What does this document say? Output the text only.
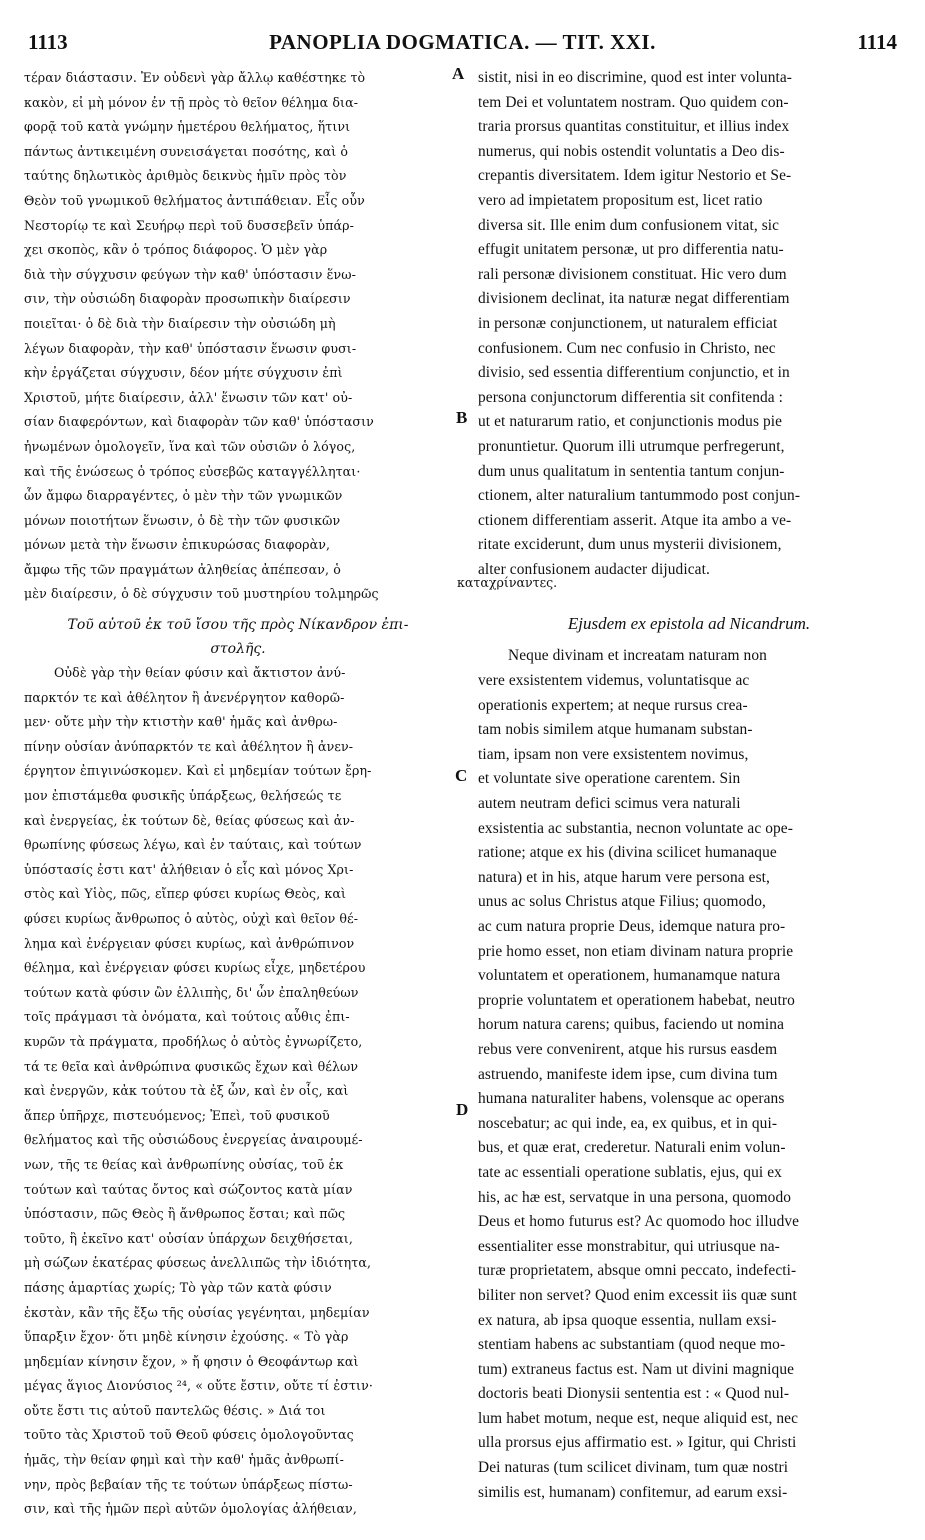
1113	PANOPLIA DOGMATICA. — TIT. XXI.	1114
τέραν διάστασιν. Ἐν οὐδενὶ γὰρ ἄλλῳ καθέστηκε τὸ
κακὸν, εἰ μὴ μόνον ἐν τῇ πρὸς τὸ θεῖον θέλημα δια-
φορᾷ τοῦ κατὰ γνώμην ἡμετέρου θελήματος, ἥτινι
πάντως ἀντικειμένη συνεισάγεται ποσότης, καὶ ὁ
ταύτης δηλωτικὸς ἀριθμὸς δεικνὺς ἡμῖν πρὸς τὸν
Θεὸν τοῦ γνωμικοῦ θελήματος ἀντιπάθειαν. Εἷς οὖν
Νεστορίῳ τε καὶ Σευήρῳ περὶ τοῦ δυσσεβεῖν ὑπάρ-
χει σκοπὸς, κἂν ὁ τρόπος διάφορος. Ὁ μὲν γὰρ
διὰ τὴν σύγχυσιν φεύγων τὴν καθ' ὑπόστασιν ἕνω-
σιν, τὴν οὐσιώδη διαφορὰν προσωπικὴν διαίρεσιν
ποιεῖται· ὁ δὲ διὰ τὴν διαίρεσιν τὴν οὐσιώδη μὴ
λέγων διαφορὰν, τὴν καθ' ὑπόστασιν ἕνωσιν φυσι-
κὴν ἐργάζεται σύγχυσιν, δέον μήτε σύγχυσιν ἐπὶ
Χριστοῦ, μήτε διαίρεσιν, ἀλλ' ἕνωσιν τῶν κατ' οὐ-
σίαν διαφερόντων, καὶ διαφορὰν τῶν καθ' ὑπόστασιν
ἡνωμένων ὁμολογεῖν, ἵνα καὶ τῶν οὐσιῶν ὁ λόγος,
καὶ τῆς ἑνώσεως ὁ τρόπος εὐσεβῶς καταγγέλληται·
ὧν ἄμφω διαρραγέντες, ὁ μὲν τὴν τῶν γνωμικῶν
μόνων ποιοτήτων ἕνωσιν, ὁ δὲ τὴν τῶν φυσικῶν
μόνων μετὰ τὴν ἕνωσιν ἐπικυρώσας διαφορὰν,
ἄμφω τῆς τῶν πραγμάτων ἀληθείας ἀπέπεσαν, ὁ
μὲν διαίρεσιν, ὁ δὲ σύγχυσιν τοῦ μυστηρίου τολμηρῶς
Τοῦ αὐτοῦ ἐκ τοῦ ἴσου τῆς πρὸς Νίκανδρον ἐπι-
στολῆς.
Οὐδὲ γὰρ τὴν θείαν φύσιν καὶ ἄκτιστον ἀνύ-
παρκτόν τε καὶ ἀθέλητον ἢ ἀνενέργητον καθορῶ-
μεν· οὔτε μὴν τὴν κτιστὴν καθ' ἡμᾶς καὶ ἀνθρω-
πίνην οὐσίαν ἀνύπαρκτόν τε καὶ ἀθέλητον ἢ ἀνεν-
έργητον ἐπιγινώσκομεν. Καὶ εἰ μηδεμίαν τούτων ἔρη-
μον ἐπιστάμεθα φυσικῆς ὑπάρξεως, θελήσεώς τε
καὶ ἐνεργείας, ἐκ τούτων δὲ, θείας φύσεως καὶ ἀν-
θρωπίνης φύσεως λέγω, καὶ ἐν ταύταις, καὶ τούτων
ὑπόστασίς ἐστι κατ' ἀλήθειαν ὁ εἷς καὶ μόνος Χρι-
στὸς καὶ Υἱὸς, πῶς, εἴπερ φύσει κυρίως Θεὸς, καὶ
φύσει κυρίως ἄνθρωπος ὁ αὐτὸς, οὐχὶ καὶ θεῖον θέ-
λημα καὶ ἐνέργειαν φύσει κυρίως, καὶ ἀνθρώπινον
θέλημα, καὶ ἐνέργειαν φύσει κυρίως εἶχε, μηδετέρου
τούτων κατὰ φύσιν ὢν ἐλλιπὴς, δι' ὧν ἐπαληθεύων
τοῖς πράγμασι τὰ ὀνόματα, καὶ τούτοις αὖθις ἐπι-
κυρῶν τὰ πράγματα, προδήλως ὁ αὐτὸς ἐγνωρίζετο,
τά τε θεῖα καὶ ἀνθρώπινα φυσικῶς ἔχων καὶ θέλων
καὶ ἐνεργῶν, κἀκ τούτου τὰ ἐξ ὧν, καὶ ἐν οἷς, καὶ
ἅπερ ὑπῆρχε, πιστευόμενος; Ἐπεὶ, τοῦ φυσικοῦ
θελήματος καὶ τῆς οὐσιώδους ἐνεργείας ἀναιρουμέ-
νων, τῆς τε θείας καὶ ἀνθρωπίνης οὐσίας, τοῦ ἐκ
τούτων καὶ ταύτας ὄντος καὶ σώζοντος κατὰ μίαν
ὑπόστασιν, πῶς Θεὸς ἢ ἄνθρωπος ἔσται; καὶ πῶς
τοῦτο, ἢ ἐκεῖνο κατ' οὐσίαν ὑπάρχων δειχθήσεται,
μὴ σώζων ἑκατέρας φύσεως ἀνελλιπῶς τὴν ἰδιότητα,
πάσης ἁμαρτίας χωρίς; Τὸ γὰρ τῶν κατὰ φύσιν
ἐκστὰν, κἂν τῆς ἔξω τῆς οὐσίας γεγένηται, μηδεμίαν
ὕπαρξιν ἔχον· ὅτι μηδὲ κίνησιν ἐχούσης. « Τὸ γὰρ
μηδεμίαν κίνησιν ἔχον, » ἤ φησιν ὁ Θεοφάντωρ καὶ
μέγας ἅγιος Διονύσιος ²⁴, « οὔτε ἔστιν, οὔτε τί ἐστιν·
οὔτε ἔστι τις αὐτοῦ παντελῶς θέσις. » Διά τοι
τοῦτο τὰς Χριστοῦ τοῦ Θεοῦ φύσεις ὁμολογοῦντας
ἡμᾶς, τὴν θείαν φημὶ καὶ τὴν καθ' ἡμᾶς ἀνθρωπί-
νην, πρὸς βεβαίαν τῆς τε τούτων ὑπάρξεως πίστω-
σιν, καὶ τῆς ἡμῶν περὶ αὐτῶν ὁμολογίας ἀλήθειαν,
sistit, nisi in eo discrimine, quod est inter volunta-
tem Dei et voluntatem nostram. Quo quidem con-
traria prorsus quantitas constituitur, et illius index
numerus, qui nobis ostendit voluntatis a Deo dis-
crepantis diversitatem. Idem igitur Nestorio et Se-
vero ad impietatem propositum est, licet ratio
diversa sit. Ille enim dum confusionem vitat, sic
effugit unitatem personæ, ut pro differentia natu-
rali personæ divisionem constituat. Hic vero dum
divisionem declinat, ita naturæ negat differentiam
in personæ conjunctionem, ut naturalem efficiat
confusionem. Cum nec confusio in Christo, nec
divisio, sed essentia differentium conjunctio, et in
persona conjunctorum differentia sit confitenda :
ut et naturarum ratio, et conjunctionis modus pie
pronuntietur. Quorum illi utrumque perfregerunt,
dum unus qualitatum in sententia tantum conjun-
ctionem, alter naturalium tantummodo post conjun-
ctionem differentiam asserit. Atque ita ambo a ve-
ritate exciderunt, dum unus mysterii divisionem,
alter confusionem audacter dijudicat.
Ejusdem ex epistola ad Nicandrum.
Neque divinam et increatam naturam non
vere exsistentem videmus, voluntatisque ac
operationis expertem; at neque rursus crea-
tam nobis similem atque humanam substan-
tiam, ipsam non vere exsistentem novimus,
et voluntate sive operatione carentem. Sin
autem neutram defici scimus vera naturali
exsistentia ac substantia, necnon voluntate ac ope-
ratione; atque ex his (divina scilicet humanaque
natura) et in his, atque harum vere persona est,
unus ac solus Christus atque Filius; quomodo,
ac cum natura proprie Deus, idemque natura pro-
prie homo esset, non etiam divinam natura proprie
voluntatem et operationem, humanamque natura
proprie voluntatem et operationem habebat, neutro
horum natura carens; quibus, faciendo ut nomina
rebus vere convenirent, atque his rursus easdem
astruendo, manifeste idem ipse, cum divina tum
humana naturaliter habens, volensque ac operans
noscebatur; ac qui inde, ea, ex quibus, et in qui-
bus, et quæ erat, crederetur. Naturali enim volun-
tate ac essentiali operatione sublatis, ejus, qui ex
his, ac hæ est, servatque in una persona, quomodo
Deus et homo futurus est? Ac quomodo hoc illudve
essentialiter esse monstrabitur, qui utriusque na-
turæ proprietatem, absque omni peccato, indefecti-
biliter non servet? Quod enim excessit iis quæ sunt
ex natura, ab ipsa quoque essentia, nullam exsi-
stentiam habens ac substantiam (quod neque mo-
tum) extraneus factus est. Nam ut divini magnique
doctoris beati Dionysii sententia est : « Quod nul-
lum habet motum, neque est, neque aliquid est, nec
ulla prorsus ejus affirmatio est. » Igitur, qui Christi
Dei naturas (tum scilicet divinam, tum quæ nostri
similis est, humanam) confitemur, ad earum exsi-
A
B
C
D
καταχρίναντες.
